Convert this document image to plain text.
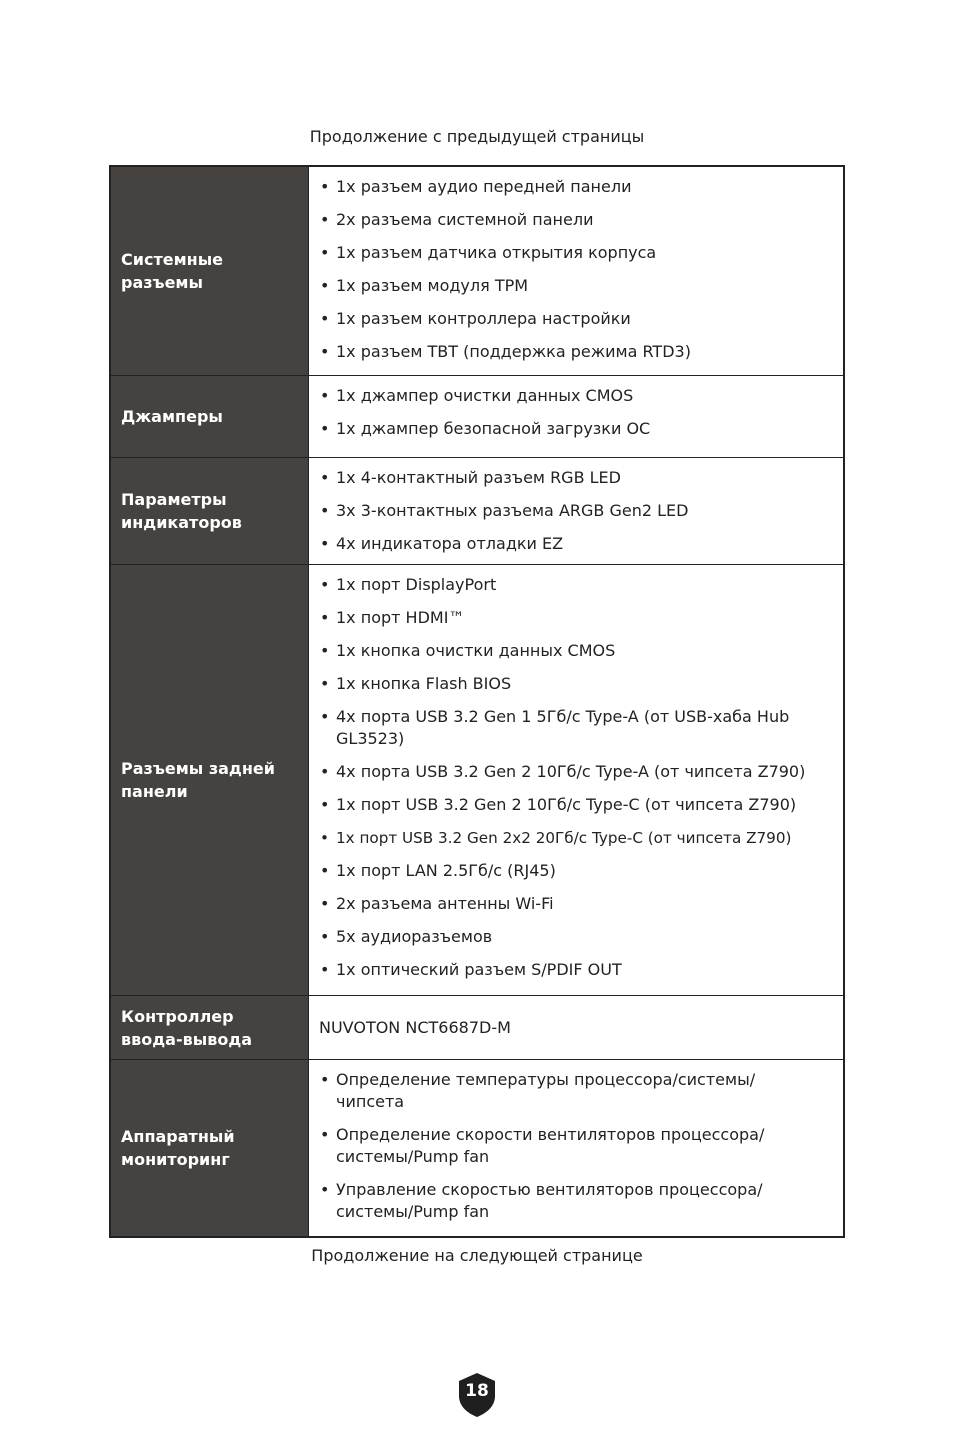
Продолжение с предыдущей страницы
Системные разъемы
• 1x разъем аудио передней панели
• 2x разъема системной панели
• 1x разъем датчика открытия корпуса
• 1x разъем модуля TPM
• 1x разъем контроллера настройки
• 1x разъем TBT (поддержка режима RTD3)
Джамперы
• 1x джампер очистки данных CMOS
• 1x джампер безопасной загрузки ОС
Параметры индикаторов
• 1x 4-контактный разъем RGB LED
• 3x 3-контактных разъема ARGB Gen2 LED
• 4x индикатора отладки EZ
Разъемы задней панели
• 1x порт DisplayPort
• 1x порт HDMI™
• 1x кнопка очистки данных CMOS
• 1x кнопка Flash BIOS
• 4x порта USB 3.2 Gen 1 5Гб/с Type-A (от USB-хаба Hub GL3523)
• 4x порта USB 3.2 Gen 2 10Гб/с Type-A (от чипсета Z790)
• 1x порт USB 3.2 Gen 2 10Гб/с Type-C (от чипсета Z790)
• 1x порт USB 3.2 Gen 2x2 20Гб/с Type-C (от чипсета Z790)
• 1x порт LAN 2.5Гб/с (RJ45)
• 2x разъема антенны Wi-Fi
• 5x аудиоразъемов
• 1x оптический разъем S/PDIF OUT
Контроллер ввода-вывода
NUVOTON NCT6687D-M
Аппаратный мониторинг
• Определение температуры процессора/системы/ чипсета
• Определение скорости вентиляторов процессора/ системы/Pump fan
• Управление скоростью вентиляторов процессора/ системы/Pump fan
Продолжение на следующей странице
18
